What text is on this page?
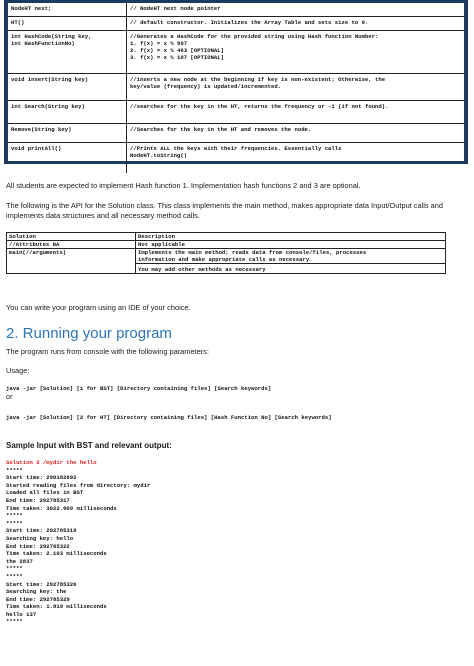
NodeHT next;	// NodeHT next node pointer
HT()	// default constructor. Initializes the Array Table and sets size to 0.
int HashCode(String key,
int HashFunctionNo)	//Generates a HashCode for the provided string using Hash function Number:
1. f(x) = x % 997
2. f(x) = x % 463 [OPTIONAL]
3. f(x) = x % 107 [OPTIONAL]
void insert(String key)	//inserts a new node at the beginning if key is non-existent; Otherwise, the
key/value (frequency) is updated/incremented.
int Search(String key)	//searches for the key in the HT, returns the frequency or -1 (if not found).
Remove(String key)	//Searches for the key in the HT and removes the node.
void printAll()	//Prints ALL the keys with their frequencies. Essentially calls
NodeHT.toString()
All students are expected to implement Hash function 1. Implementation hash functions 2 and 3 are optional.
The following is the API for the Solution class. This class implements the main method, makes appropriate data Input/Output calls and implements data structures and all necessary method calls.
Solution	Description
//Attributes NA	Not applicable
main(//arguments)	Implements the main method; reads data from console/files, processes
information and make appropriate calls as necessary.
	You may add other methods as necessary
You can write your program using an IDE of your choice.
2. Running your program
The program runs from console with the following parameters:
Usage:
java -jar [Solution] [1 for BST] [Directory containing files] [Search keywords]
or
java -jar [Solution] [2 for HT] [Directory containing files] [Hash Function No] [Search keywords]
Sample Input with BST and relevant output:
Solution 2 /mydir the hello
*****
Start time: 290182692
Started reading files from directory: mydir
Loaded all files in BST
End time: 292785317
Time taken: 3022.609 milliseconds
*****
*****
Start time: 292785319
Searching key: hello
End time: 292785322
Time taken: 2.103 milliseconds
the 2837
*****
*****
Start time: 292785326
Searching key: the
End time: 292785329
Time taken: 1.819 milliseconds
hello 137
*****
